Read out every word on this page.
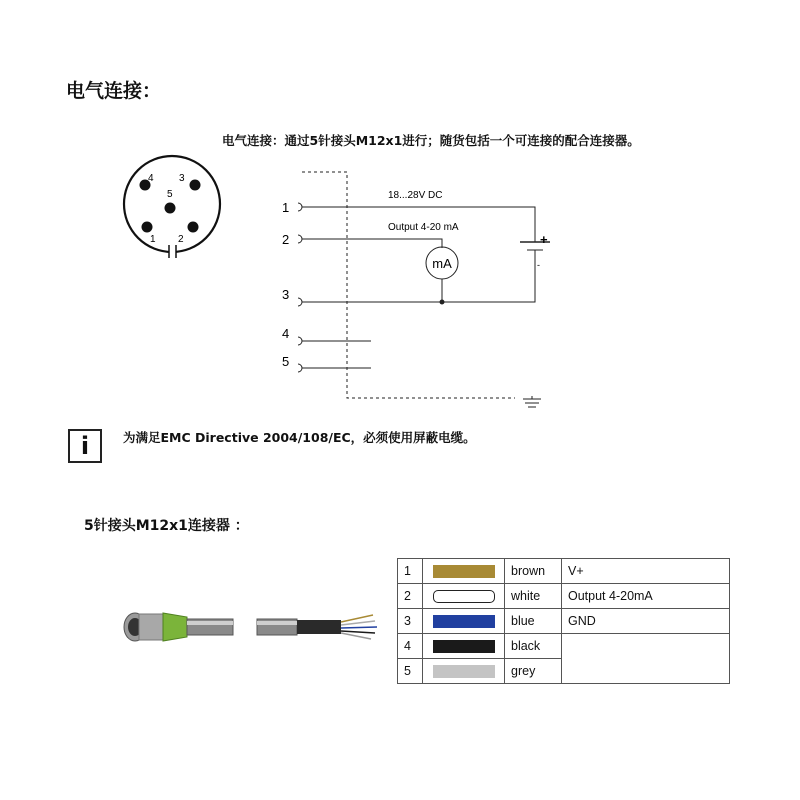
电气连接：
电气连接：通过5针接头M12x1进行；随货包括一个可连接的配合连接器。
4	3
5
1 2
1
2
3
4
5
18...28V DC
Output 4-20 mA
mA
+
-
i	为满足EMC Directive 2004/108/EC，必须使用屏蔽电缆。
5针接头M12x1连接器 ：
1		brown	V+
2		white	Output 4-20mA
3		blue	GND
4		black	
5		grey	
